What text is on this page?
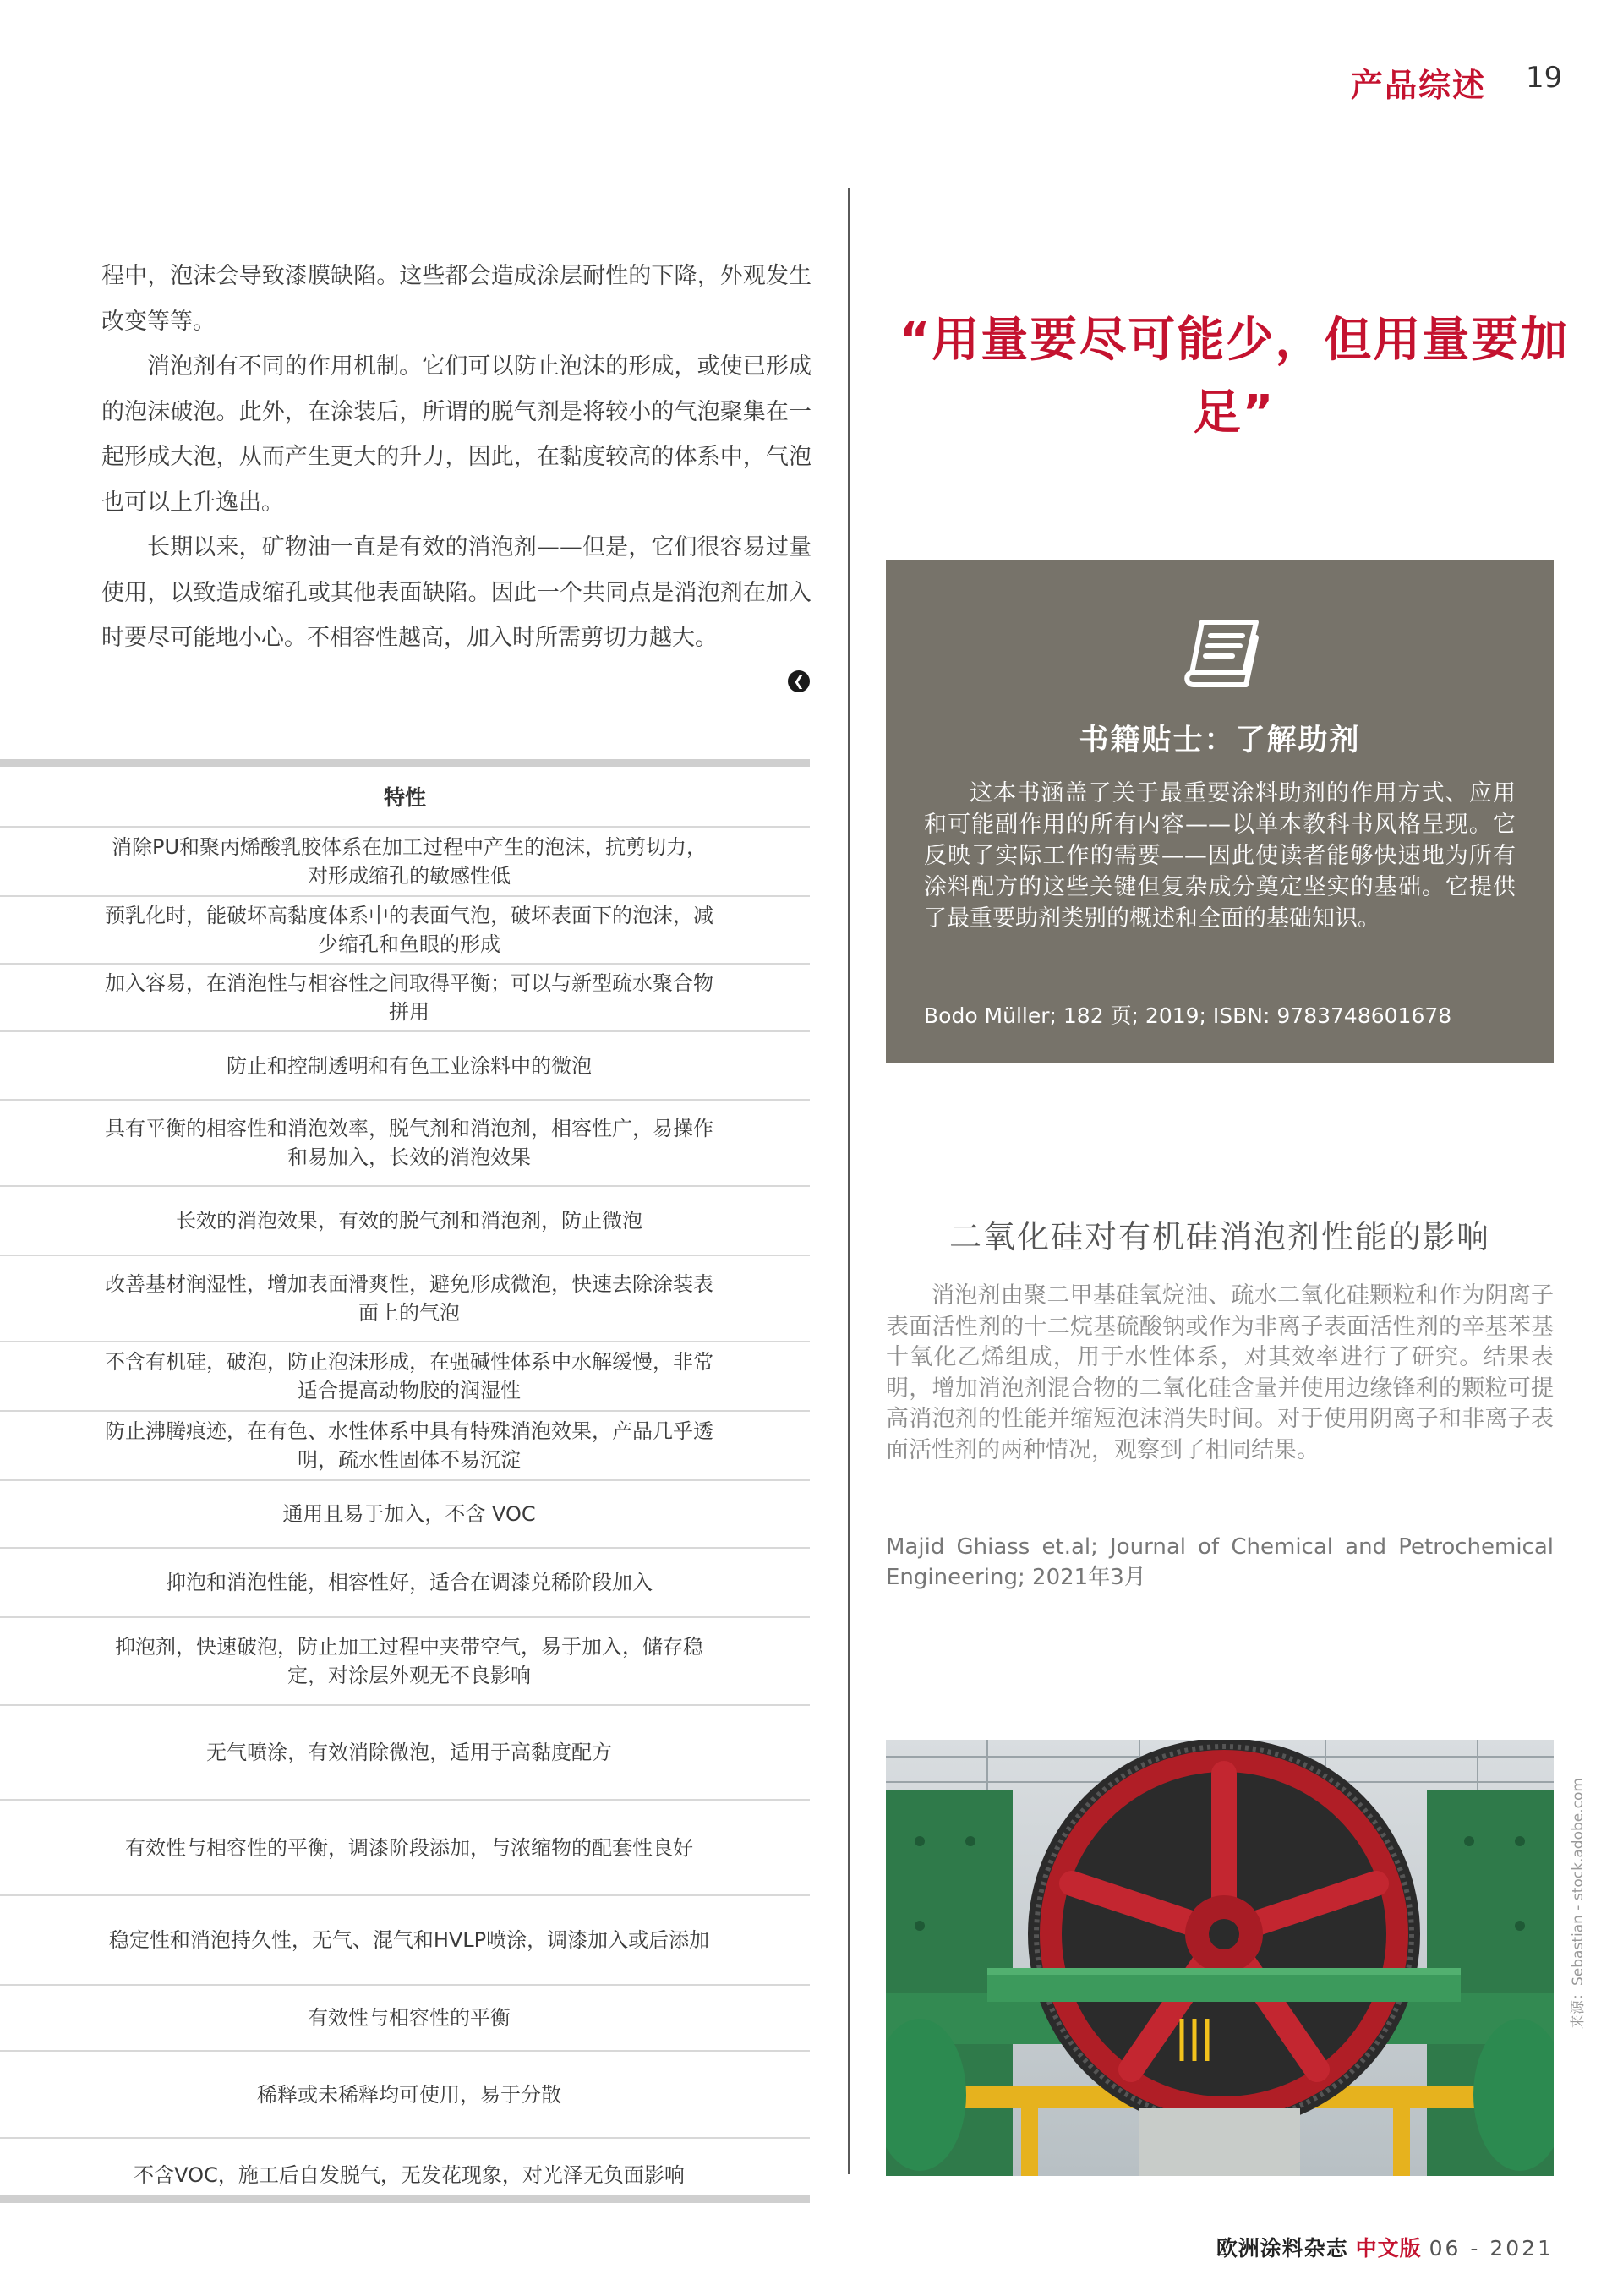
产品综述 19

程中，泡沫会导致漆膜缺陷。这些都会造成涂层耐性的下降，外观发生改变等等。

消泡剂有不同的作用机制。它们可以防止泡沫的形成，或使已形成的泡沫破泡。此外，在涂装后，所谓的脱气剂是将较小的气泡聚集在一起形成大泡，从而产生更大的升力，因此，在黏度较高的体系中，气泡也可以上升逸出。

长期以来，矿物油一直是有效的消泡剂——但是，它们很容易过量使用，以致造成缩孔或其他表面缺陷。因此一个共同点是消泡剂在加入时要尽可能地小心。不相容性越高，加入时所需剪切力越大。

❮
特性
消除PU和聚丙烯酸乳胶体系在加工过程中产生的泡沫，抗剪切力，对形成缩孔的敏感性低
预乳化时，能破坏高黏度体系中的表面气泡，破坏表面下的泡沫，减少缩孔和鱼眼的形成
加入容易，在消泡性与相容性之间取得平衡；可以与新型疏水聚合物拼用
防止和控制透明和有色工业涂料中的微泡
具有平衡的相容性和消泡效率，脱气剂和消泡剂，相容性广，易操作和易加入，长效的消泡效果
长效的消泡效果，有效的脱气剂和消泡剂，防止微泡
改善基材润湿性，增加表面滑爽性，避免形成微泡，快速去除涂装表面上的气泡
不含有机硅，破泡，防止泡沫形成，在强碱性体系中水解缓慢，非常适合提高动物胶的润湿性
防止沸腾痕迹，在有色、水性体系中具有特殊消泡效果，产品几乎透明，疏水性固体不易沉淀
通用且易于加入，不含 VOC
抑泡和消泡性能，相容性好，适合在调漆兑稀阶段加入
抑泡剂，快速破泡，防止加工过程中夹带空气，易于加入，储存稳定，对涂层外观无不良影响
无气喷涂，有效消除微泡，适用于高黏度配方
有效性与相容性的平衡，调漆阶段添加，与浓缩物的配套性良好
稳定性和消泡持久性，无气、混气和HVLP喷涂，调漆加入或后添加
有效性与相容性的平衡
稀释或未稀释均可使用，易于分散
不含VOC，施工后自发脱气，无发花现象，对光泽无负面影响
“用量要尽可能少，但用量要加足”
书籍贴士：了解助剂

这本书涵盖了关于最重要涂料助剂的作用方式、应用和可能副作用的所有内容——以单本教科书风格呈现。它反映了实际工作的需要——因此使读者能够快速地为所有涂料配方的这些关键但复杂成分奠定坚实的基础。它提供了最重要助剂类别的概述和全面的基础知识。

Bodo Müller; 182 页; 2019; ISBN: 9783748601678
二氧化硅对有机硅消泡剂性能的影响

消泡剂由聚二甲基硅氧烷油、疏水二氧化硅颗粒和作为阴离子表面活性剂的十二烷基硫酸钠或作为非离子表面活性剂的辛基苯基十氧化乙烯组成，用于水性体系，对其效率进行了研究。结果表明，增加消泡剂混合物的二氧化硅含量并使用边缘锋利的颗粒可提高消泡剂的性能并缩短泡沫消失时间。对于使用阴离子和非离子表面活性剂的两种情况，观察到了相同结果。

Majid Ghiass et.al; Journal of Chemical and Petrochemical Engineering; 2021年3月
来源：Sebastian - stock.adobe.com
欧洲涂料杂志 中文版 06 - 2021
